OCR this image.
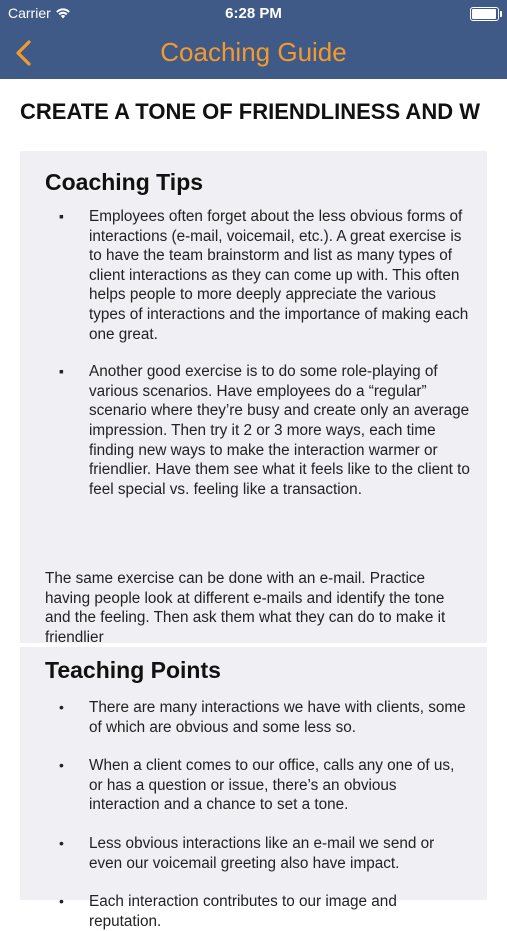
Carrier	6:28 PM
Coaching Guide
CREATE A TONE OF FRIENDLINESS AND W
Coaching Tips
▪ Employees often forget about the less obvious forms of interactions (e-mail, voicemail, etc.). A great exercise is to have the team brainstorm and list as many types of client interactions as they can come up with. This often helps people to more deeply appreciate the various types of interactions and the importance of making each one great.
▪ Another good exercise is to do some role-playing of various scenarios. Have employees do a “regular” scenario where they’re busy and create only an average impression. Then try it 2 or 3 more ways, each time finding new ways to make the interaction warmer or friendlier. Have them see what it feels like to the client to feel special vs. feeling like a transaction.

The same exercise can be done with an e-mail. Practice having people look at different e-mails and identify the tone and the feeling. Then ask them what they can do to make it friendlier

Teaching Points
• There are many interactions we have with clients, some of which are obvious and some less so.
• When a client comes to our office, calls any one of us, or has a question or issue, there’s an obvious interaction and a chance to set a tone.
• Less obvious interactions like an e-mail we send or even our voicemail greeting also have impact.
• Each interaction contributes to our image and reputation.
